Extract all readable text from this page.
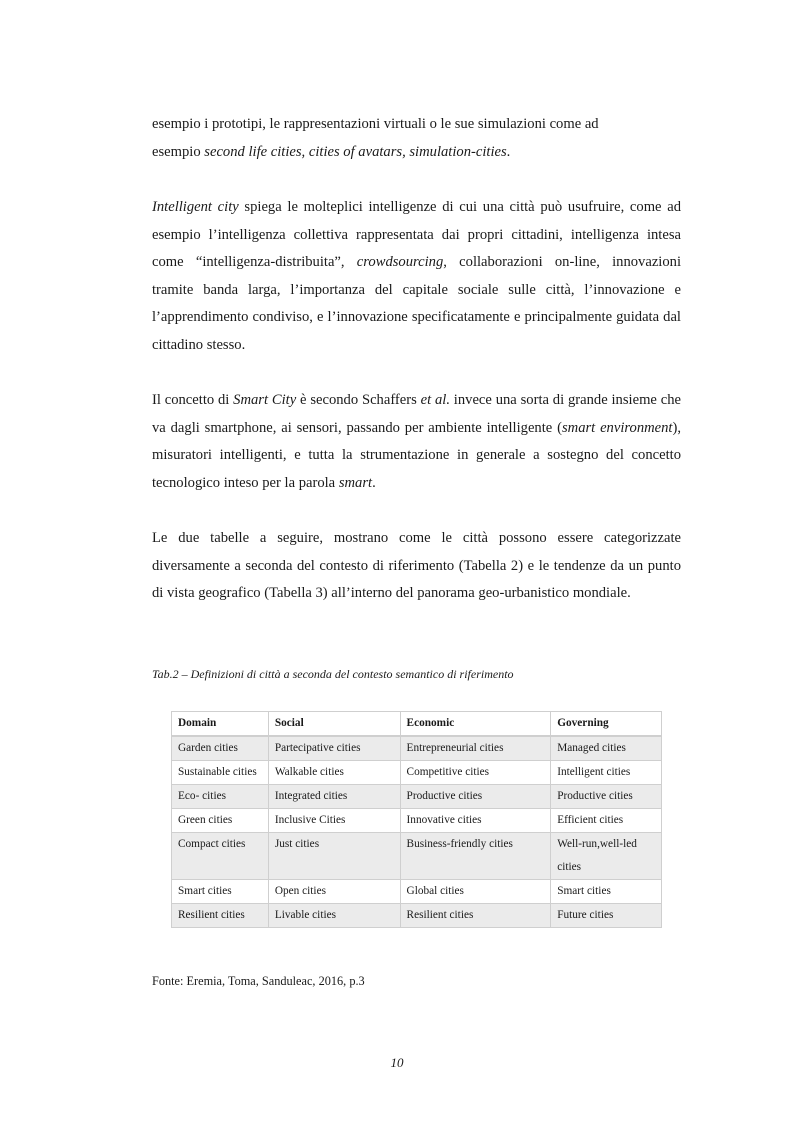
esempio i prototipi, le rappresentazioni virtuali o le sue simulazioni come ad
esempio second life cities, cities of avatars, simulation-cities.

Intelligent city spiega le molteplici intelligenze di cui una città può usufruire, come ad esempio l’intelligenza collettiva rappresentata dai propri cittadini, intelligenza intesa come “intelligenza-distribuita”, crowdsourcing, collaborazioni on-line, innovazioni tramite banda larga, l’importanza del capitale sociale sulle città, l’innovazione e l’apprendimento condiviso, e l’innovazione specificatamente e principalmente guidata dal cittadino stesso.

Il concetto di Smart City è secondo Schaffers et al. invece una sorta di grande insieme che va dagli smartphone, ai sensori, passando per ambiente intelligente (smart environment), misuratori intelligenti, e tutta la strumentazione in generale a sostegno del concetto tecnologico inteso per la parola smart.

Le due tabelle a seguire, mostrano come le città possono essere categorizzate diversamente a seconda del contesto di riferimento (Tabella 2) e le tendenze da un punto di vista geografico (Tabella 3) all’interno del panorama geo-urbanistico mondiale.

Tab.2 – Definizioni di città a seconda del contesto semantico di riferimento

Domain	Social	Economic	Governing
Garden cities	Partecipative cities	Entrepreneurial cities	Managed cities
Sustainable cities	Walkable cities	Competitive cities	Intelligent cities
Eco- cities	Integrated cities	Productive cities	Productive cities
Green cities	Inclusive Cities	Innovative cities	Efficient cities
Compact cities	Just cities	Business-friendly cities	Well-run,well-led cities
Smart cities	Open cities	Global cities	Smart cities
Resilient cities	Livable cities	Resilient cities	Future cities

Fonte: Eremia, Toma, Sanduleac, 2016, p.3

10
